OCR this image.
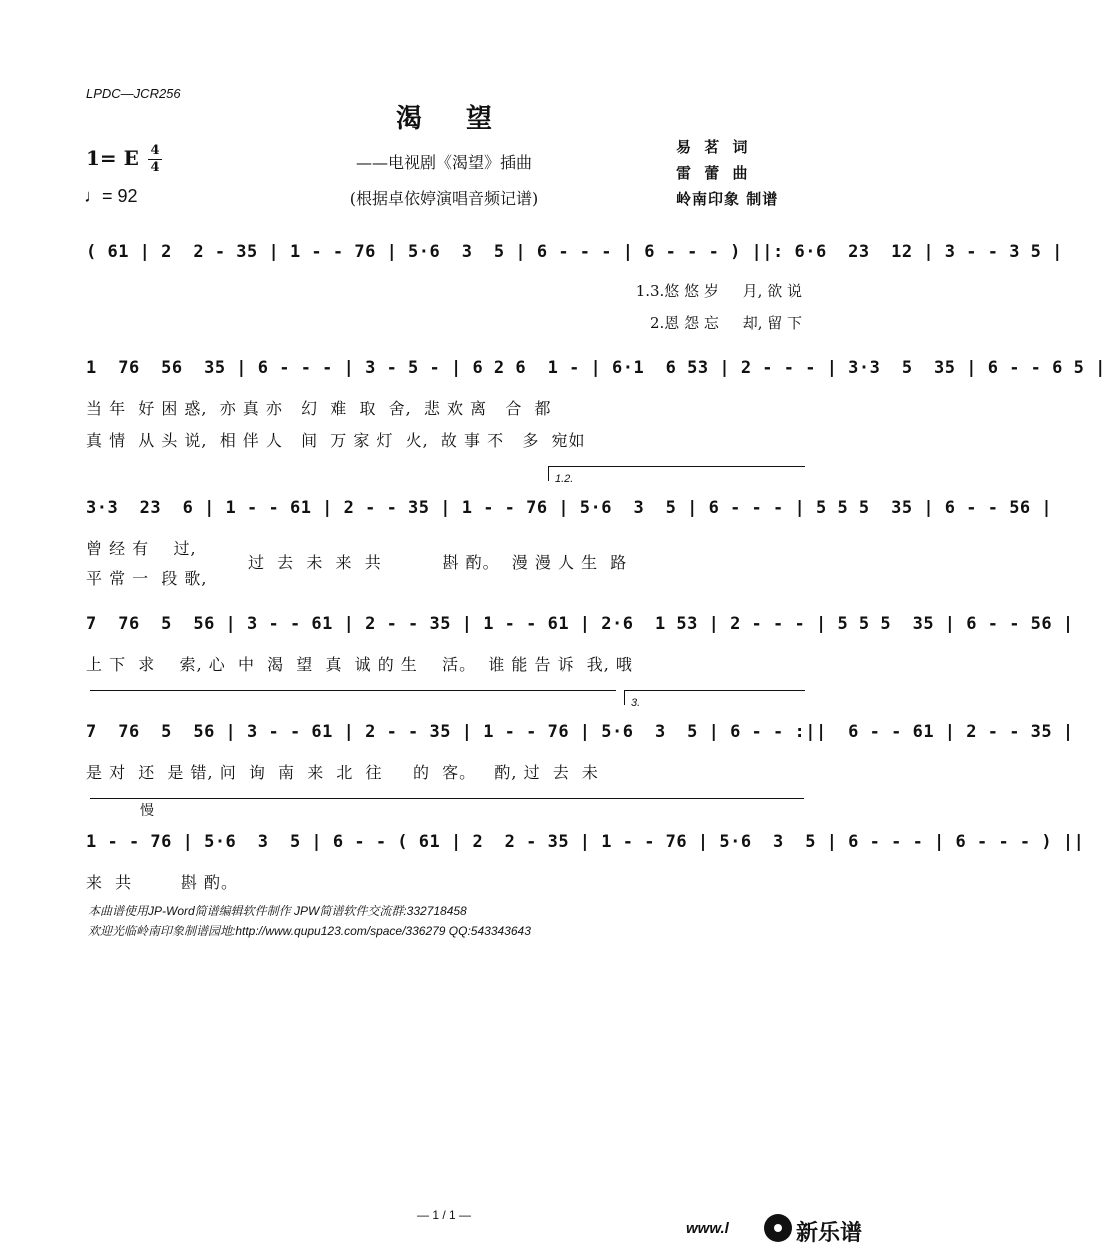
LPDC—JCR256
渴望
——电视剧《渴望》插曲
(根据卓依婷演唱音频记谱)
1= E 4
4
♩= 92
易 茗 词
雷 蕾 曲
岭南印象 制谱
( 61 | 2  2 - 35 | 1 - - 76 | 5·6  3  5 | 6 - - - | 6 - - - ) ||: 6·6  23  12 | 3 - - 3 5 |
1.3.悠 悠 岁     月, 欲 说
2.恩 怨 忘     却, 留 下
1  76  56  35 | 6 - - - | 3 - 5 - | 6 2 6  1 - | 6·1  6 53 | 2 - - - | 3·3  5  35 | 6 - - 6 5 |
当 年  好 困 惑,  亦 真 亦   幻  难  取  舍,  悲 欢 离   合  都
真 情  从 头 说,  相 伴 人   间  万 家 灯  火,  故 事 不   多  宛如
1.2.
3·3  23  6 | 1 - - 61 | 2 - - 35 | 1 - - 76 | 5·6  3  5 | 6 - - - | 5 5 5  35 | 6 - - 56 |
曾 经 有    过,
平 常 一  段 歌,
过  去  未  来  共          斟 酌。  漫 漫 人 生  路
7  76  5  56 | 3 - - 61 | 2 - - 35 | 1 - - 61 | 2·6  1 53 | 2 - - - | 5 5 5  35 | 6 - - 56 |
上 下  求    索, 心  中  渴  望  真  诚 的 生    活。  谁 能 告 诉  我, 哦
3.
7  76  5  56 | 3 - - 61 | 2 - - 35 | 1 - - 76 | 5·6  3  5 | 6 - - :||  6 - - 61 | 2 - - 35 |
是 对  还  是 错, 问  询  南  来  北  往     的  客。   酌, 过  去  未
慢
1 - - 76 | 5·6  3  5 | 6 - - ( 61 | 2  2 - 35 | 1 - - 76 | 5·6  3  5 | 6 - - - | 6 - - - ) ||
来  共        斟 酌。
本曲谱使用JP-Word简谱编辑软件制作 JPW简谱软件交流群:332718458
欢迎光临岭南印象制谱园地:http://www.qupu123.com/space/336279 QQ:543343643
— 1 / 1 —
www.l	新乐谱
